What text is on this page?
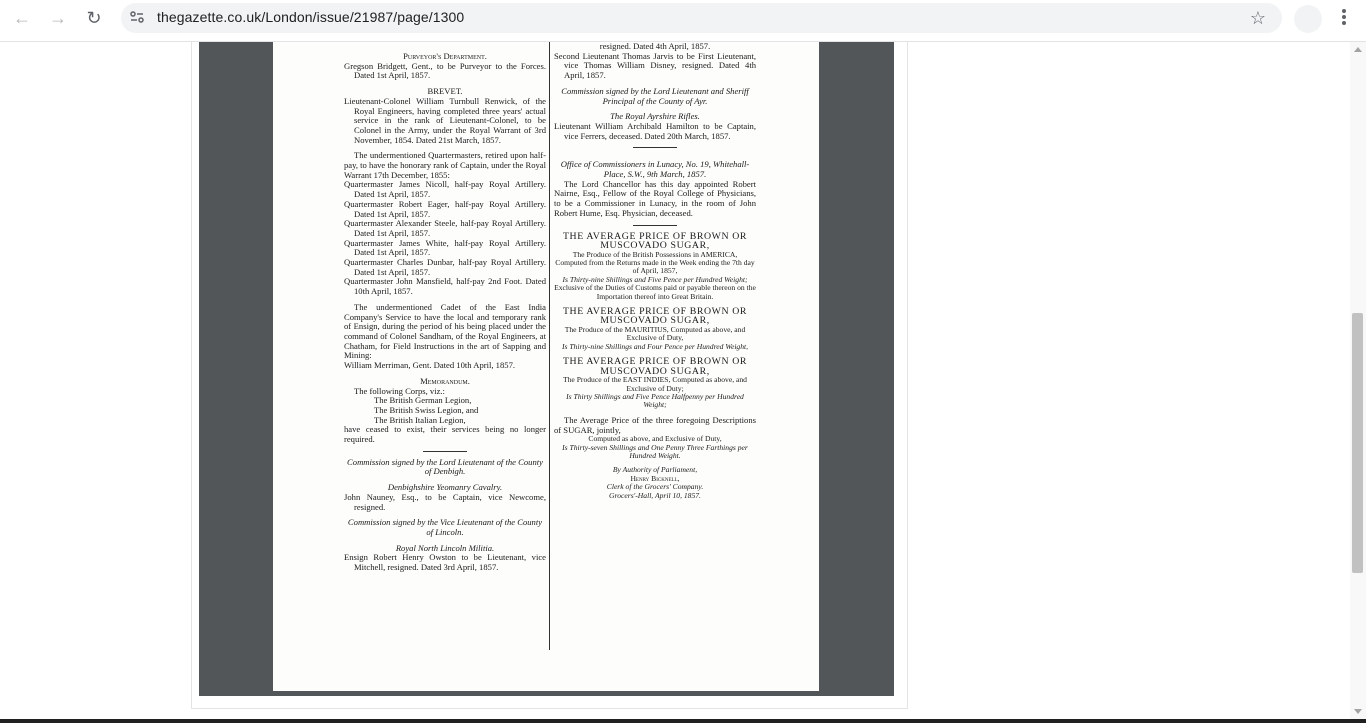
← → ↻	thegazette.co.uk/London/issue/21987/page/1300	☆

Purveyor's Department.

Gregson Bridgett, Gent., to be Purveyor to the Forces. Dated 1st April, 1857.

BREVET.

Lieutenant-Colonel William Turnbull Renwick, of the Royal Engineers, having completed three years' actual service in the rank of Lieutenant-Colonel, to be Colonel in the Army, under the Royal Warrant of 3rd November, 1854. Dated 21st March, 1857.

The undermentioned Quartermasters, retired upon half-pay, to have the honorary rank of Captain, under the Royal Warrant 17th December, 1855:

Quartermaster James Nicoll, half-pay Royal Artillery. Dated 1st April, 1857.

Quartermaster Robert Eager, half-pay Royal Artillery. Dated 1st April, 1857.

Quartermaster Alexander Steele, half-pay Royal Artillery. Dated 1st April, 1857.

Quartermaster James White, half-pay Royal Artillery. Dated 1st April, 1857.

Quartermaster Charles Dunbar, half-pay Royal Artillery. Dated 1st April, 1857.

Quartermaster John Mansfield, half-pay 2nd Foot. Dated 10th April, 1857.

The undermentioned Cadet of the East India Company's Service to have the local and temporary rank of Ensign, during the period of his being placed under the command of Colonel Sandham, of the Royal Engineers, at Chatham, for Field Instructions in the art of Sapping and Mining:

William Merriman, Gent. Dated 10th April, 1857.

Memorandum.

The following Corps, viz.:

The British German Legion,

The British Swiss Legion, and

The British Italian Legion,

have ceased to exist, their services being no longer required.

Commission signed by the Lord Lieutenant of the County of Denbigh.

Denbighshire Yeomanry Cavalry.

John Nauney, Esq., to be Captain, vice Newcome, resigned.

Commission signed by the Vice Lieutenant of the County of Lincoln.

Royal North Lincoln Militia.

Ensign Robert Henry Owston to be Lieutenant, vice Mitchell, resigned. Dated 3rd April, 1857.

resigned. Dated 4th April, 1857.

Second Lieutenant Thomas Jarvis to be First Lieutenant, vice Thomas William Disney, resigned. Dated 4th April, 1857.

Commission signed by the Lord Lieutenant and Sheriff Principal of the County of Ayr.

The Royal Ayrshire Rifles.

Lieutenant William Archibald Hamilton to be Captain, vice Ferrers, deceased. Dated 20th March, 1857.

Office of Commissioners in Lunacy, No. 19, Whitehall-Place, S.W., 9th March, 1857.

The Lord Chancellor has this day appointed Robert Nairne, Esq., Fellow of the Royal College of Physicians, to be a Commissioner in Lunacy, in the room of John Robert Hume, Esq. Physician, deceased.

THE AVERAGE PRICE OF BROWN OR MUSCOVADO SUGAR,

The Produce of the British Possessions in AMERICA,

Computed from the Returns made in the Week ending the 7th day of April, 1857,

Is Thirty-nine Shillings and Five Pence per Hundred Weight;

Exclusive of the Duties of Customs paid or payable thereon on the Importation thereof into Great Britain.

THE AVERAGE PRICE OF BROWN OR MUSCOVADO SUGAR,

The Produce of the MAURITIUS, Computed as above, and Exclusive of Duty,

Is Thirty-nine Shillings and Four Pence per Hundred Weight,

THE AVERAGE PRICE OF BROWN OR MUSCOVADO SUGAR,

The Produce of the EAST INDIES, Computed as above, and Exclusive of Duty;

Is Thirty Shillings and Five Pence Halfpenny per Hundred Weight;

The Average Price of the three foregoing Descriptions of SUGAR, jointly,

Computed as above, and Exclusive of Duty,

Is Thirty-seven Shillings and One Penny Three Farthings per Hundred Weight.

By Authority of Parliament,

Henry Bicknell,

Clerk of the Grocers' Company.

Grocers'-Hall, April 10, 1857.
